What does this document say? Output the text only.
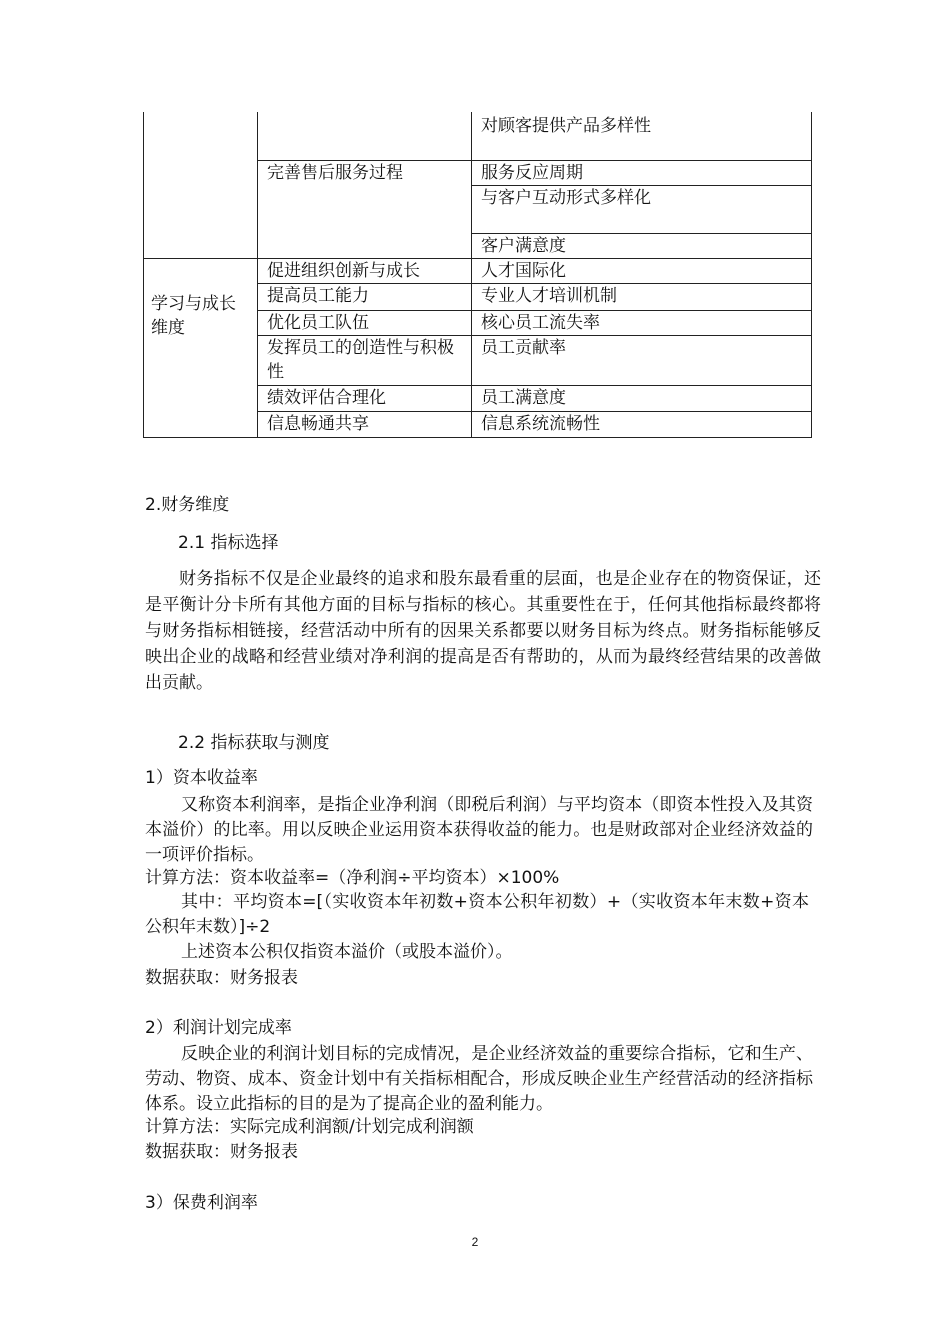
		对顾客提供产品多样性
	完善售后服务过程	服务反应周期
		与客户互动形式多样化
		客户满意度

学习与成长维度	促进组织创新与成长	人才国际化
	提高员工能力	专业人才培训机制
	优化员工队伍	核心员工流失率

	发挥员工的创造性与积极性	员工贡献率
	绩效评估合理化	员工满意度
	信息畅通共享	信息系统流畅性
2.财务维度
2.1 指标选择
财务指标不仅是企业最终的追求和股东最看重的层面，也是企业存在的物资保证，还是平衡计分卡所有其他方面的目标与指标的核心。其重要性在于，任何其他指标最终都将与财务指标相链接，经营活动中所有的因果关系都要以财务目标为终点。财务指标能够反映出企业的战略和经营业绩对净利润的提高是否有帮助的，从而为最终经营结果的改善做出贡献。
2.2 指标获取与测度
1）资本收益率
又称资本利润率，是指企业净利润（即税后利润）与平均资本（即资本性投入及其资本溢价）的比率。用以反映企业运用资本获得收益的能力。也是财政部对企业经济效益的一项评价指标。
计算方法：资本收益率=（净利润÷平均资本）×100%
其中：平均资本=[（实收资本年初数+资本公积年初数）+（实收资本年末数+资本公积年末数）]÷2
上述资本公积仅指资本溢价（或股本溢价）。
数据获取：财务报表
2）利润计划完成率
反映企业的利润计划目标的完成情况，是企业经济效益的重要综合指标，它和生产、劳动、物资、成本、资金计划中有关指标相配合，形成反映企业生产经营活动的经济指标体系。设立此指标的目的是为了提高企业的盈利能力。
计算方法：实际完成利润额/计划完成利润额
数据获取：财务报表
3）保费利润率
2
